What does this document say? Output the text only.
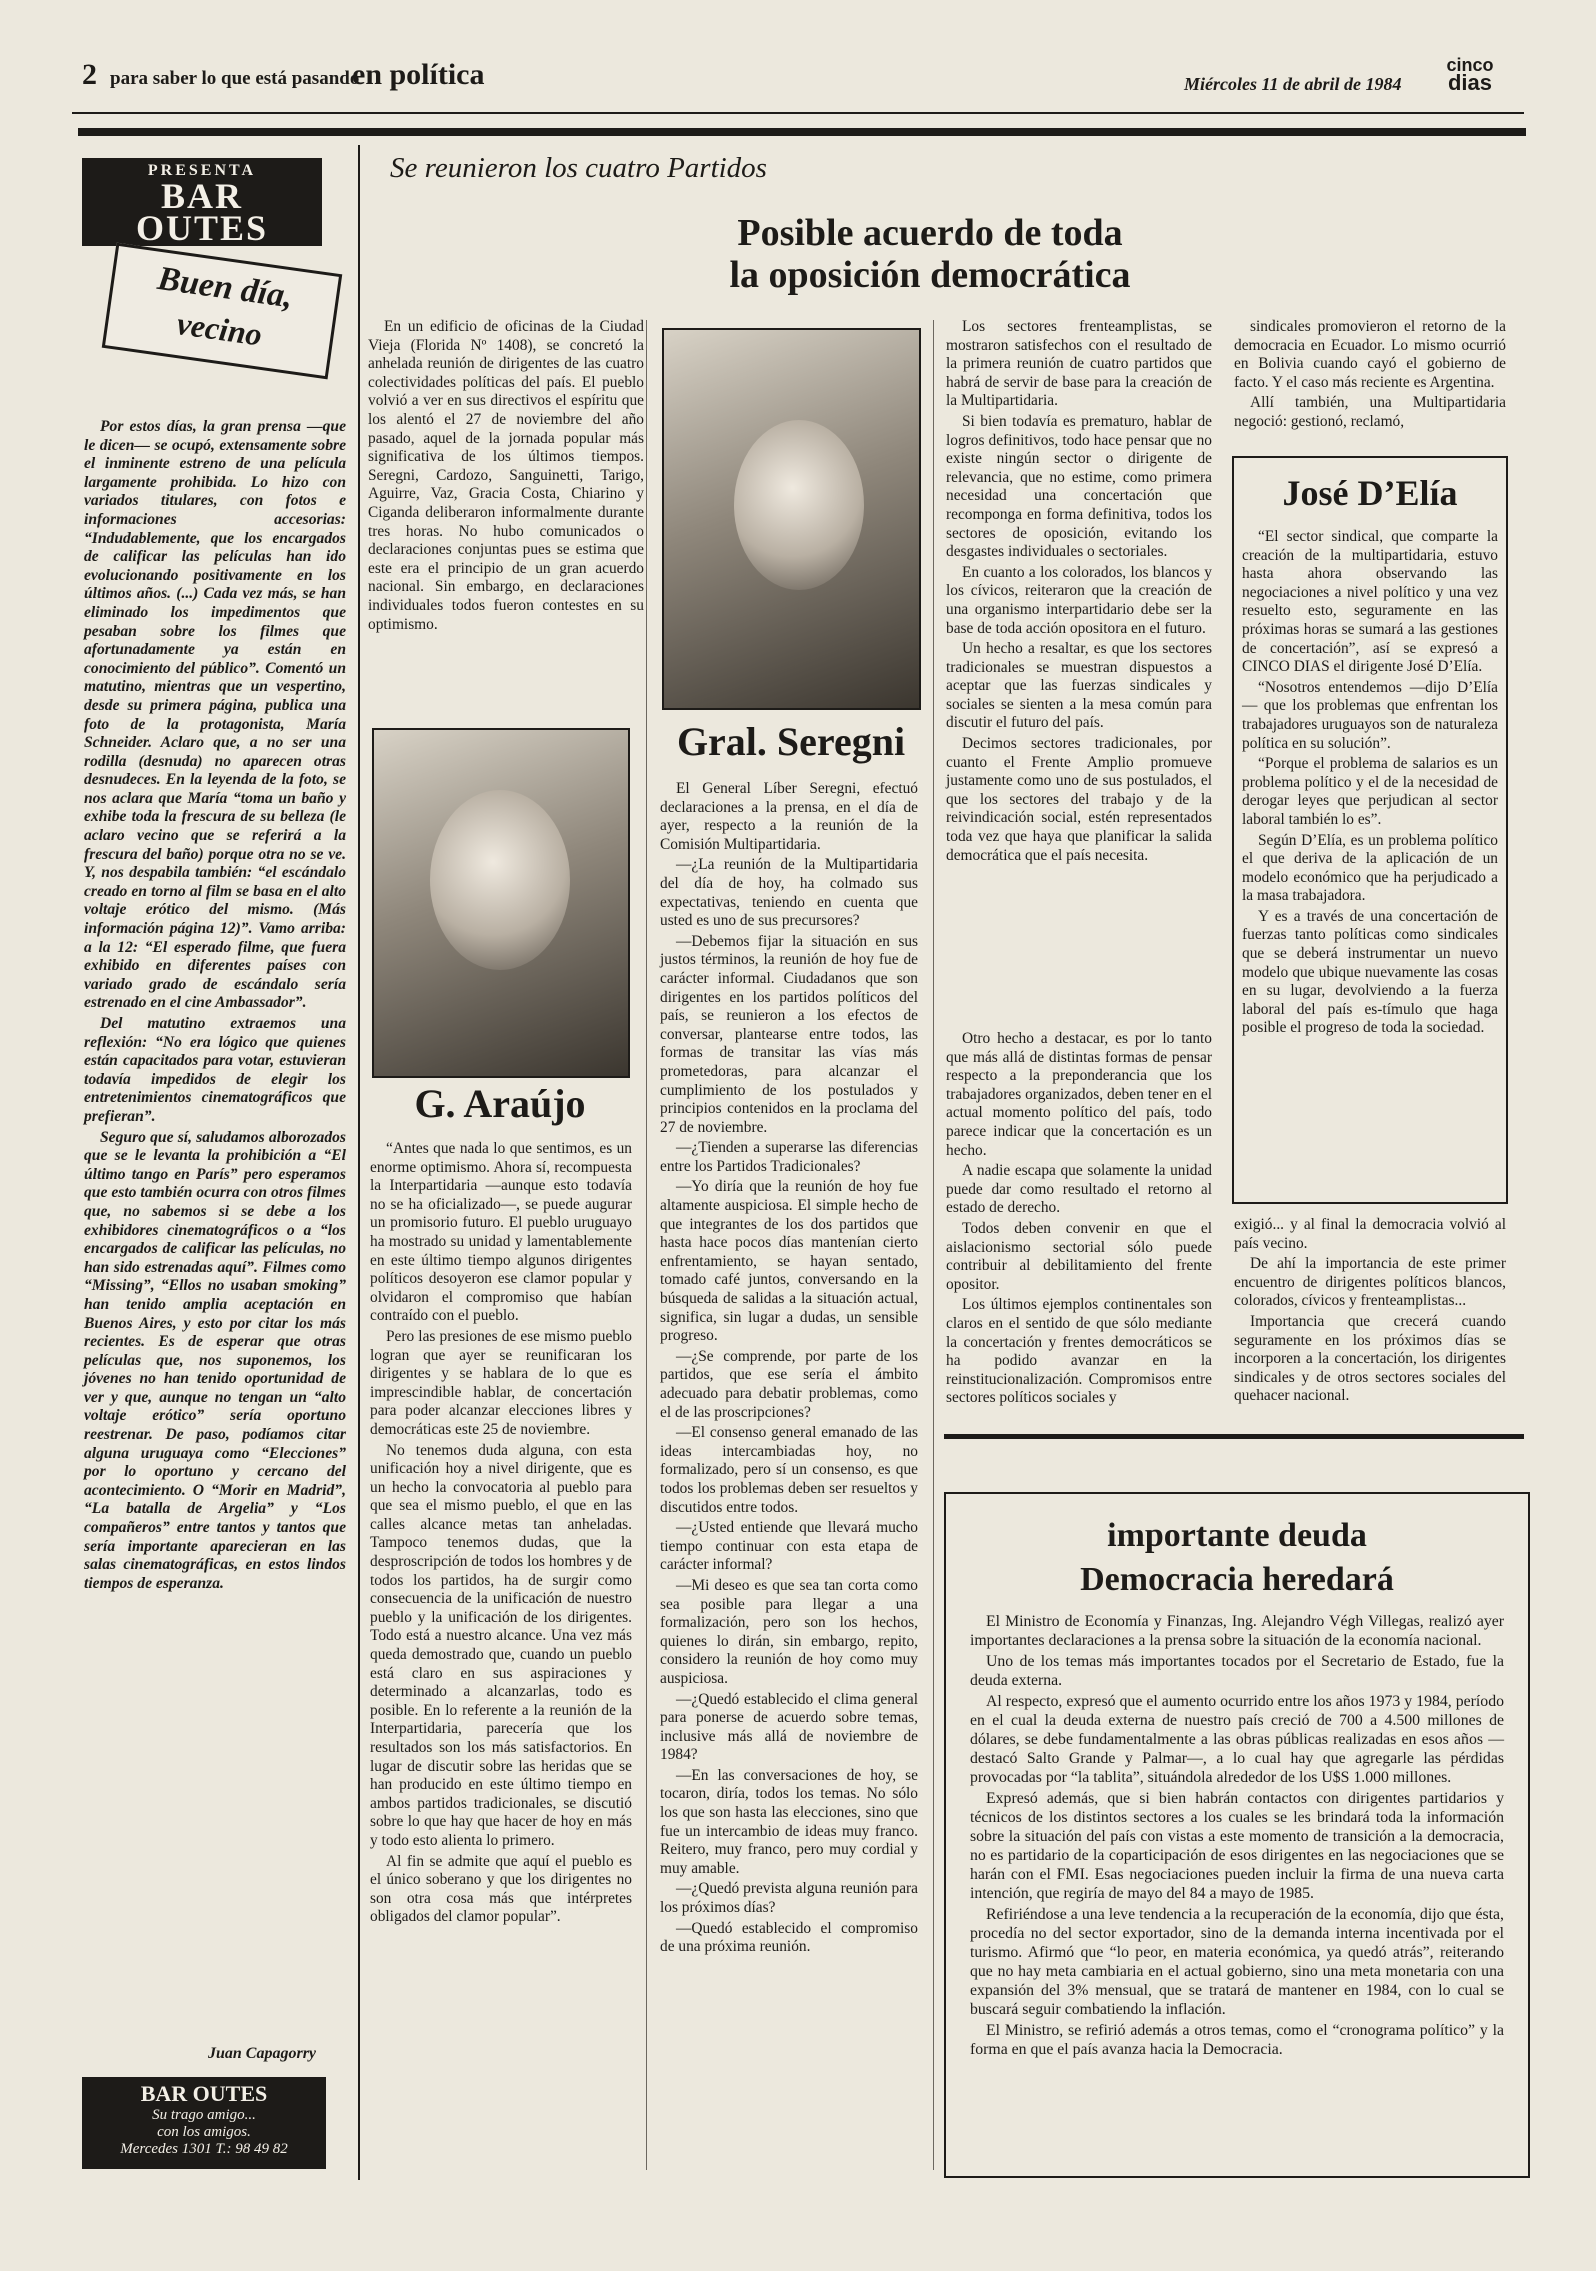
2 para saber lo que está pasando
en política	Miércoles 11 de abril de 1984
cinco
dias
PRESENTA
BAR
OUTES
Buen día,
vecino

Por estos días, la gran prensa —que le dicen— se ocupó, extensamente sobre el inminente estreno de una película largamente prohibida. Lo hizo con variados titulares, con fotos e informaciones accesorias: “Indudablemente, que los encargados de calificar las películas han ido evolucionando positivamente en los últimos años. (...) Cada vez más, se han eliminado los impedimentos que pesaban sobre los filmes que afortunadamente ya están en conocimiento del público”. Comentó un matutino, mientras que un vespertino, desde su primera página, publica una foto de la protagonista, María Schneider. Aclaro que, a no ser una rodilla (desnuda) no aparecen otras desnudeces. En la leyenda de la foto, se nos aclara que María “toma un baño y exhibe toda la frescura de su belleza (le aclaro vecino que se referirá a la frescura del baño) porque otra no se ve. Y, nos despabila también: “el escándalo creado en torno al film se basa en el alto voltaje erótico del mismo. (Más información página 12)”. Vamo arriba: a la 12: “El esperado filme, que fuera exhibido en diferentes países con variado grado de escándalo sería estrenado en el cine Ambassador”.

Del matutino extraemos una reflexión: “No era lógico que quienes están capacitados para votar, estuvieran todavía impedidos de elegir los entretenimientos cinematográficos que prefieran”.

Seguro que sí, saludamos alborozados que se le levanta la prohibición a “El último tango en París” pero esperamos que esto también ocurra con otros filmes que, no sabemos si se debe a los exhibidores cinematográficos o a “los encargados de calificar las películas, no han sido estrenadas aquí”. Filmes como “Missing”, “Ellos no usaban smoking” han tenido amplia aceptación en Buenos Aires, y esto por citar los más recientes. Es de esperar que otras películas que, nos suponemos, los jóvenes no han tenido oportunidad de ver y que, aunque no tengan un “alto voltaje erótico” sería oportuno reestrenar. De paso, podíamos citar alguna uruguaya como “Elecciones” por lo oportuno y cercano del acontecimiento. O “Morir en Madrid”, “La batalla de Argelia” y “Los compañeros” entre tantos y tantos que sería importante aparecieran en las salas cinematográficas, en estos lindos tiempos de esperanza.

Juan Capagorry
BAR OUTES
Su trago amigo...
con los amigos.
Mercedes 1301 T.: 98 49 82
Se reunieron los cuatro Partidos
Posible acuerdo de toda
la oposición democrática

En un edificio de oficinas de la Ciudad Vieja (Florida Nº 1408), se concretó la anhelada reunión de dirigentes de las cuatro colectividades políticas del país. El pueblo volvió a ver en sus directivos el espíritu que los alentó el 27 de noviembre del año pasado, aquel de la jornada popular más significativa de los últimos tiempos. Seregni, Cardozo, Sanguinetti, Tarigo, Aguirre, Vaz, Gracia Costa, Chiarino y Ciganda deliberaron informalmente durante tres horas. No hubo comunicados o declaraciones conjuntas pues se estima que este era el principio de un gran acuerdo nacional. Sin embargo, en declaraciones individuales todos fueron contestes en su optimismo.

G. Araújo

“Antes que nada lo que sentimos, es un enorme optimismo. Ahora sí, recompuesta la Interpartidaria —aunque esto todavía no se ha oficializado—, se puede augurar un promisorio futuro. El pueblo uruguayo ha mostrado su unidad y lamentablemente en este último tiempo algunos dirigentes políticos desoyeron ese clamor popular y olvidaron el compromiso que habían contraído con el pueblo.

Pero las presiones de ese mismo pueblo logran que ayer se reunificaran los dirigentes y se hablara de lo que es imprescindible hablar, de concertación para poder alcanzar elecciones libres y democráticas este 25 de noviembre.

No tenemos duda alguna, con esta unificación hoy a nivel dirigente, que es un hecho la convocatoria al pueblo para que sea el mismo pueblo, el que en las calles alcance metas tan anheladas. Tampoco tenemos dudas, que la desproscripción de todos los hombres y de todos los partidos, ha de surgir como consecuencia de la unificación de nuestro pueblo y la unificación de los dirigentes. Todo está a nuestro alcance. Una vez más queda demostrado que, cuando un pueblo está claro en sus aspiraciones y determinado a alcanzarlas, todo es posible. En lo referente a la reunión de la Interpartidaria, parecería que los resultados son los más satisfactorios. En lugar de discutir sobre las heridas que se han producido en este último tiempo en ambos partidos tradicionales, se discutió sobre lo que hay que hacer de hoy en más y todo esto alienta lo primero.

Al fin se admite que aquí el pueblo es el único soberano y que los dirigentes no son otra cosa más que intérpretes obligados del clamor popular”.

Gral. Seregni

El General Líber Seregni, efectuó declaraciones a la prensa, en el día de ayer, respecto a la reunión de la Comisión Multipartidaria.

—¿La reunión de la Multipartidaria del día de hoy, ha colmado sus expectativas, teniendo en cuenta que usted es uno de sus precursores?

—Debemos fijar la situación en sus justos términos, la reunión de hoy fue de carácter informal. Ciudadanos que son dirigentes en los partidos políticos del país, se reunieron a los efectos de conversar, plantearse entre todos, las formas de transitar las vías más prometedoras, para alcanzar el cumplimiento de los postulados y principios contenidos en la proclama del 27 de noviembre.

—¿Tienden a superarse las diferencias entre los Partidos Tradicionales?

—Yo diría que la reunión de hoy fue altamente auspiciosa. El simple hecho de que integrantes de los dos partidos que hasta hace pocos días mantenían cierto enfrentamiento, se hayan sentado, tomado café juntos, conversando en la búsqueda de salidas a la situación actual, significa, sin lugar a dudas, un sensible progreso.

—¿Se comprende, por parte de los partidos, que ese sería el ámbito adecuado para debatir problemas, como el de las proscripciones?

—El consenso general emanado de las ideas intercambiadas hoy, no formalizado, pero sí un consenso, es que todos los problemas deben ser resueltos y discutidos entre todos.

—¿Usted entiende que llevará mucho tiempo continuar con esta etapa de carácter informal?

—Mi deseo es que sea tan corta como sea posible para llegar a una formalización, pero son los hechos, quienes lo dirán, sin embargo, repito, considero la reunión de hoy como muy auspiciosa.

—¿Quedó establecido el clima general para ponerse de acuerdo sobre temas, inclusive más allá de noviembre de 1984?

—En las conversaciones de hoy, se tocaron, diría, todos los temas. No sólo los que son hasta las elecciones, sino que fue un intercambio de ideas muy franco. Reitero, muy franco, pero muy cordial y muy amable.

—¿Quedó prevista alguna reunión para los próximos días?

—Quedó establecido el compromiso de una próxima reunión.

Los sectores frenteamplistas, se mostraron satisfechos con el resultado de la primera reunión de cuatro partidos que habrá de servir de base para la creación de la Multipartidaria.

Si bien todavía es prematuro, hablar de logros definitivos, todo hace pensar que no existe ningún sector o dirigente de relevancia, que no estime, como primera necesidad una concertación que recomponga en forma definitiva, todos los sectores de oposición, evitando los desgastes individuales o sectoriales.

En cuanto a los colorados, los blancos y los cívicos, reiteraron que la creación de una organismo interpartidario debe ser la base de toda acción opositora en el futuro.

Un hecho a resaltar, es que los sectores tradicionales se muestran dispuestos a aceptar que las fuerzas sindicales y sociales se sienten a la mesa común para discutir el futuro del país.

Decimos sectores tradicionales, por cuanto el Frente Amplio promueve justamente como uno de sus postulados, el que los sectores del trabajo y de la reivindicación social, estén representados toda vez que haya que planificar la salida democrática que el país necesita.

Otro hecho a destacar, es por lo tanto que más allá de distintas formas de pensar respecto a la preponderancia que los trabajadores organizados, deben tener en el actual momento político del país, todo parece indicar que la concertación es un hecho.

A nadie escapa que solamente la unidad puede dar como resultado el retorno al estado de derecho.

Todos deben convenir en que el aislacionismo sectorial sólo puede contribuir al debilitamiento del frente opositor.

Los últimos ejemplos continentales son claros en el sentido de que sólo mediante la concertación y frentes democráticos se ha podido avanzar en la reinstitucionalización. Compromisos entre sectores políticos sociales y

sindicales promovieron el retorno de la democracia en Ecuador. Lo mismo ocurrió en Bolivia cuando cayó el gobierno de facto. Y el caso más reciente es Argentina.

Allí también, una Multipartidaria negoció: gestionó, reclamó,

José D’Elía

“El sector sindical, que comparte la creación de la multipartidaria, estuvo hasta ahora observando las negociaciones a nivel político y una vez resuelto esto, seguramente en las próximas horas se sumará a las gestiones de concertación”, así se expresó a CINCO DIAS el dirigente José D’Elía.

“Nosotros entendemos —dijo D’Elía— que los problemas que enfrentan los trabajadores uruguayos son de naturaleza política en su solución”.

“Porque el problema de salarios es un problema político y el de la necesidad de derogar leyes que perjudican al sector laboral también lo es”.

Según D’Elía, es un problema político el que deriva de la aplicación de un modelo económico que ha perjudicado a la masa trabajadora.

Y es a través de una concertación de fuerzas tanto políticas como sindicales que se deberá instrumentar un nuevo modelo que ubique nuevamente las cosas en su lugar, devolviendo a la fuerza laboral del país es-tímulo que haga posible el progreso de toda la sociedad.

exigió... y al final la democracia volvió al país vecino.

De ahí la importancia de este primer encuentro de dirigentes políticos blancos, colorados, cívicos y frenteamplistas...

Importancia que crecerá cuando seguramente en los próximos días se incorporen a la concertación, los dirigentes sindicales y de otros sectores sociales del quehacer nacional.

importante deuda
Democracia heredará

El Ministro de Economía y Finanzas, Ing. Alejandro Végh Villegas, realizó ayer importantes declaraciones a la prensa sobre la situación de la economía nacional.

Uno de los temas más importantes tocados por el Secretario de Estado, fue la deuda externa.

Al respecto, expresó que el aumento ocurrido entre los años 1973 y 1984, período en el cual la deuda externa de nuestro país creció de 700 a 4.500 millones de dólares, se debe fundamentalmente a las obras públicas realizadas en esos años —destacó Salto Grande y Palmar—, a lo cual hay que agregarle las pérdidas provocadas por “la tablita”, situándola alrededor de los U$S 1.000 millones.

Expresó además, que si bien habrán contactos con dirigentes partidarios y técnicos de los distintos sectores a los cuales se les brindará toda la información sobre la situación del país con vistas a este momento de transición a la democracia, no es partidario de la coparticipación de esos dirigentes en las negociaciones que se harán con el FMI. Esas negociaciones pueden incluir la firma de una nueva carta intención, que regiría de mayo del 84 a mayo de 1985.

Refiriéndose a una leve tendencia a la recuperación de la economía, dijo que ésta, procedía no del sector exportador, sino de la demanda interna incentivada por el turismo. Afirmó que “lo peor, en materia económica, ya quedó atrás”, reiterando que no hay meta cambiaria en el actual gobierno, sino una meta monetaria con una expansión del 3% mensual, que se tratará de mantener en 1984, con lo cual se buscará seguir combatiendo la inflación.

El Ministro, se refirió además a otros temas, como el “cronograma político” y la forma en que el país avanza hacia la Democracia.
